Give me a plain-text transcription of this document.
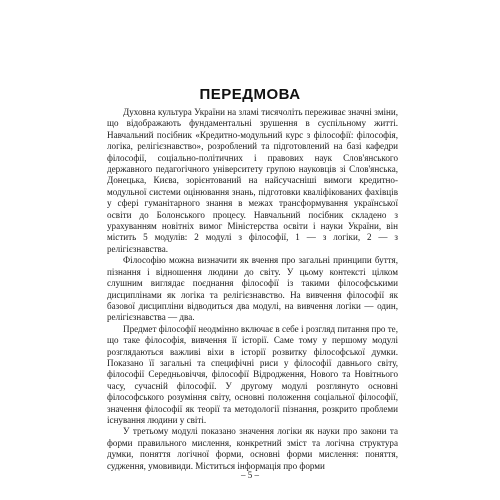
ПЕРЕДМОВА

Духовна культура України на зламі тисячоліть переживає значні зміни, що відображають фундаментальні зрушення в суспільному житті. Навчальний посібник «Кредитно-модульний курс з філософії: філософія, логіка, релігієзнавство», розроблений та підготовлений на базі кафедри філософії, соціально-політичних і правових наук Слов'янського державного педагогічного університету групою науковців зі Слов'янська, Донецька, Києва, зорієнтований на найсучасніші вимоги кредитно-модульної системи оцінювання знань, підготовки кваліфікованих фахівців у сфері гуманітарного знання в межах трансформування української освіти до Болонського процесу. Навчальний посібник складено з урахуванням новітніх вимог Міністерства освіти і науки України, він містить 5 модулів: 2 модулі з філософії, 1 — з логіки, 2 — з релігієзнавства.

Філософію можна визначити як вчення про загальні принципи буття, пізнання і відношення людини до світу. У цьому контексті цілком слушним виглядає поєднання філософії із такими філософськими дисциплінами як логіка та релігієзнавство. На вивчення філософії як базової дисципліни відводиться два модулі, на вивчення логіки — один, релігієзнавства — два.

Предмет філософії неодмінно включає в себе і розгляд питання про те, що таке філософія, вивчення її історії. Саме тому у першому модулі розглядаються важливі віхи в історії розвитку філософської думки. Показано її загальні та специфічні риси у філософії давнього світу, філософії Середньовіччя, філософії Відродження, Нового та Новітнього часу, сучасній філософії. У другому модулі розглянуто основні філософського розуміння світу, основні положення соціальної філософії, значення філософії як теорії та методології пізнання, розкрито проблеми існування людини у світі.

У третьому модулі показано значення логіки як науки про закони та форми правильного мислення, конкретний зміст та логічна структура думки, поняття логічної форми, основні форми мислення: поняття, судження, умовивиди. Міститься інформація про форми

– 5 –
